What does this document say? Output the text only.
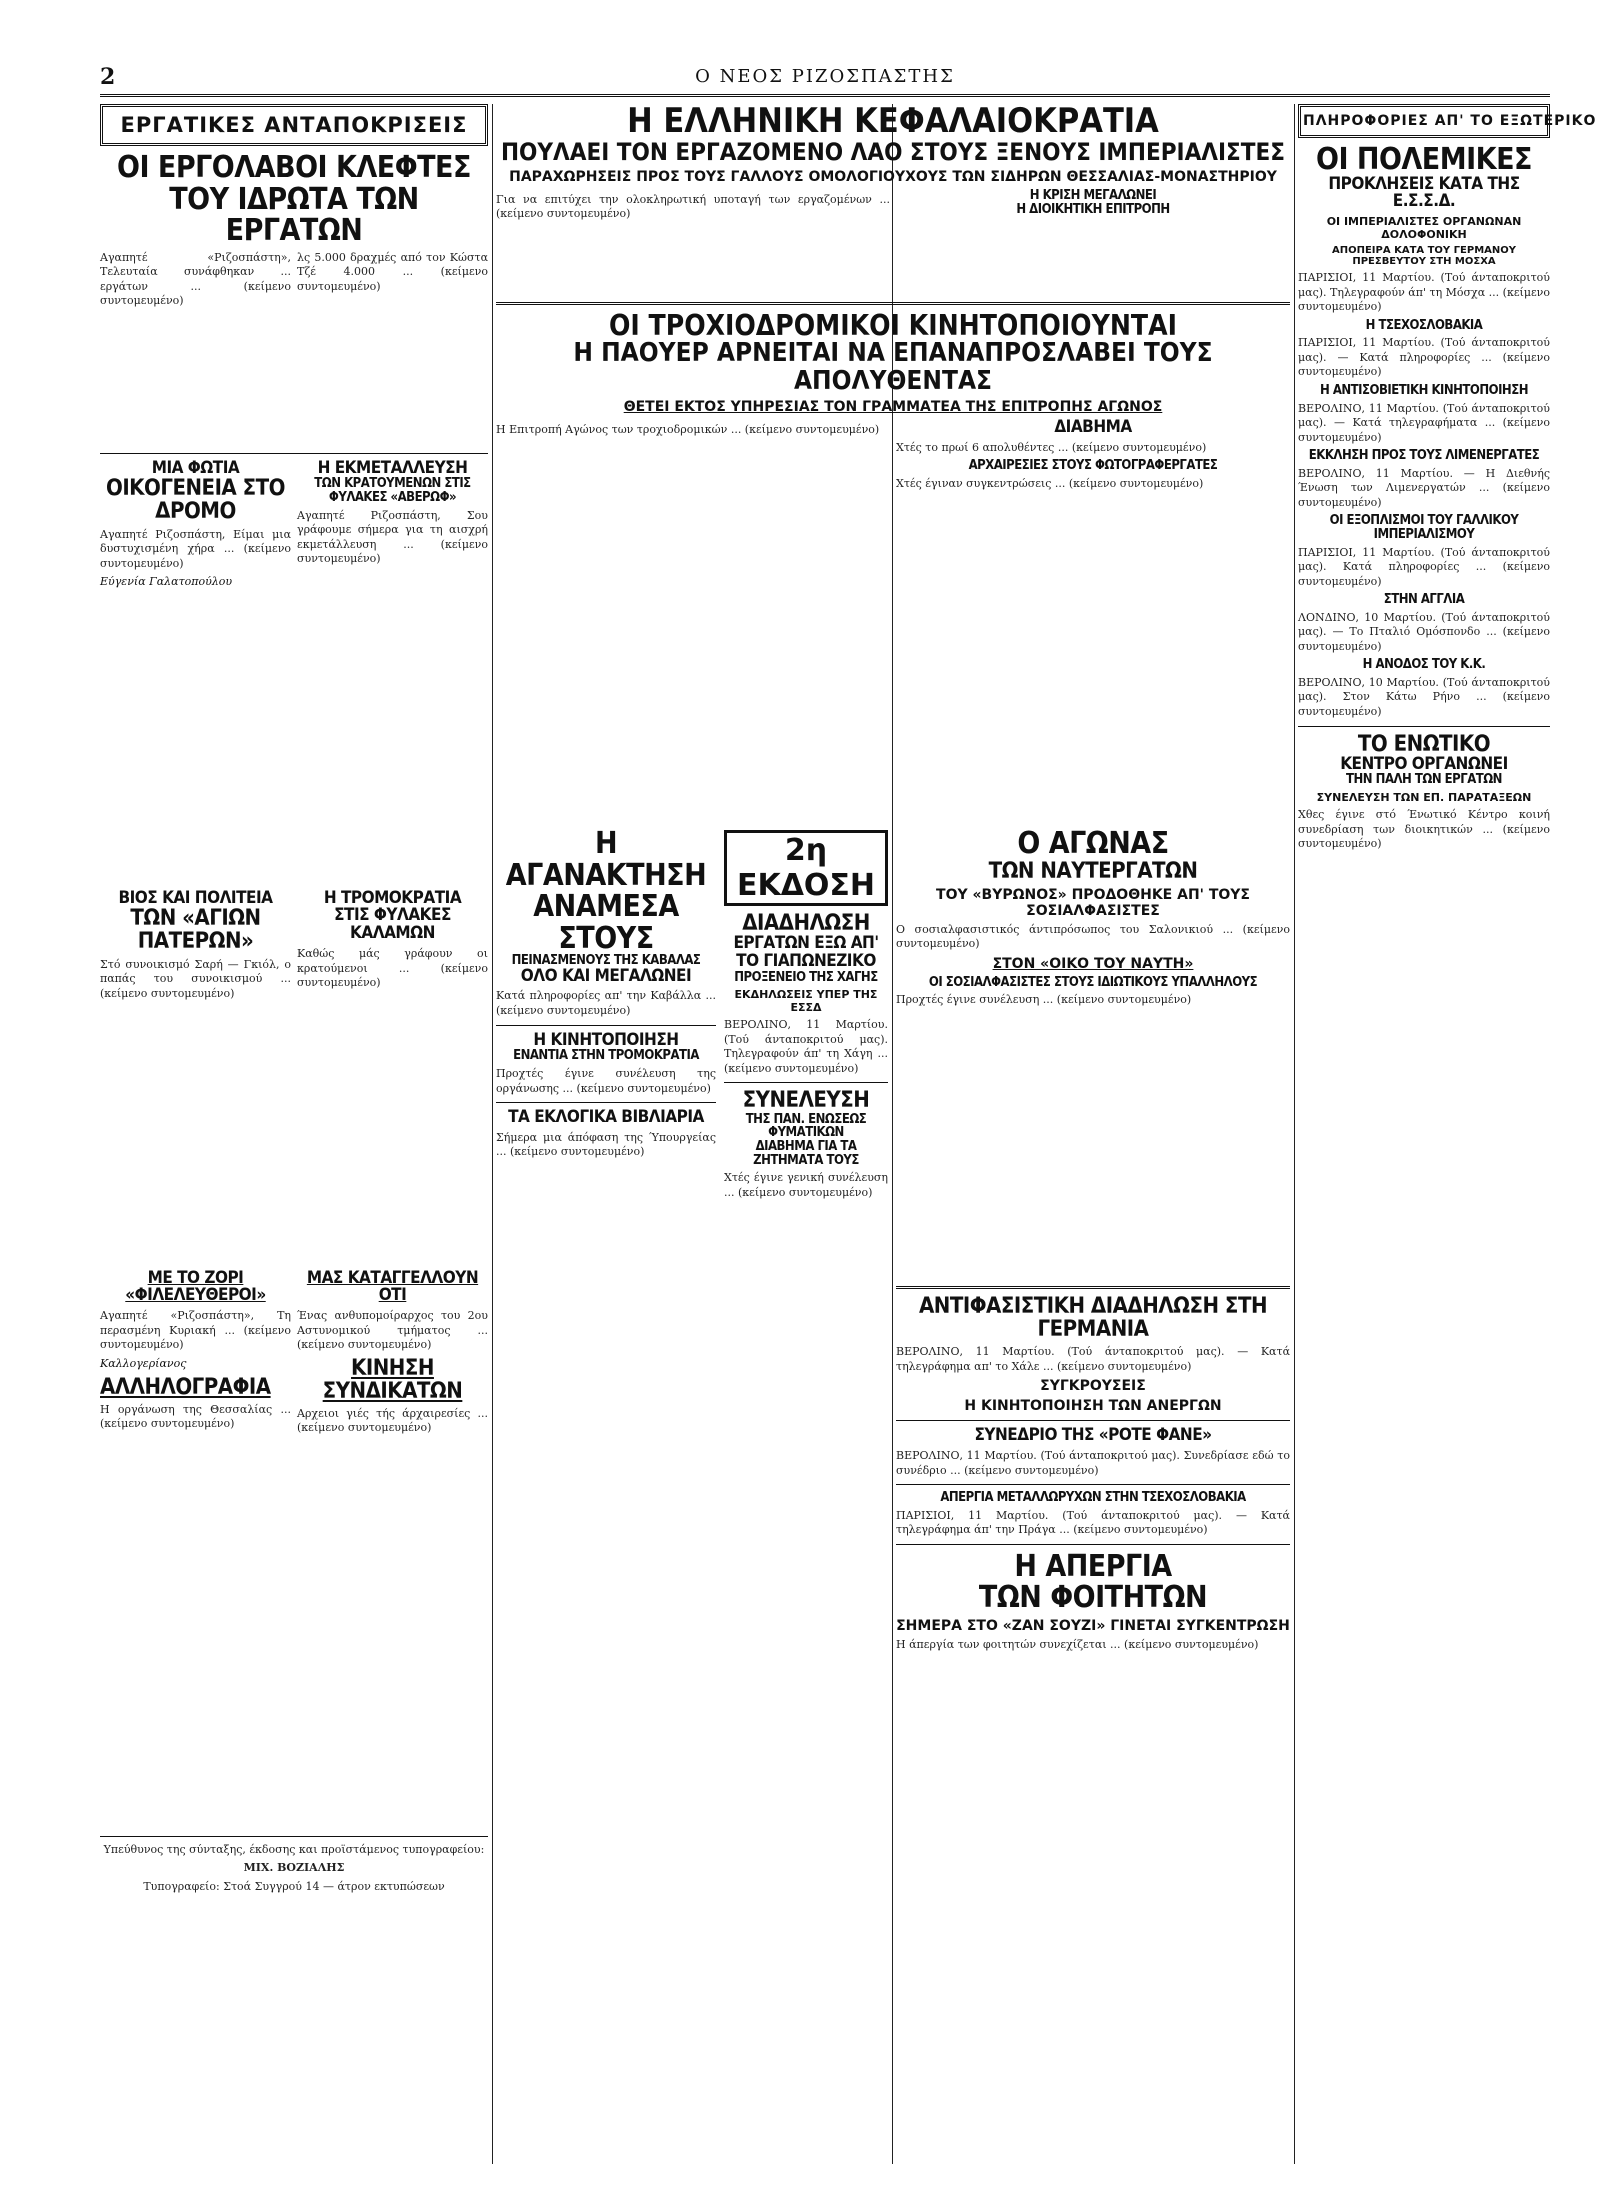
2	Ο ΝΕΟΣ ΡΙΖΟΣΠΑΣΤΗΣ
ΕΡΓΑΤΙΚΕΣ ΑΝΤΑΠΟΚΡΙΣΕΙΣ
ΟΙ ΕΡΓΟΛΑΒΟΙ ΚΛΕΦΤΕΣ
ΤΟΥ ΙΔΡΩΤΑ ΤΩΝ ΕΡΓΑΤΩΝ

Αγαπητέ «Ριζοσπάστη», Τελευταία συνάφθηκαν ... εργάτων ... (κείμενο συντομευμένο)

λς 5.000 δραχμές από τον Κώστα Τζέ 4.000 ... (κείμενο συντομευμένο)

ΜΙΑ ΦΩΤΙΑ
ΟΙΚΟΓΕΝΕΙΑ ΣΤΟ ΔΡΟΜΟ

Αγαπητέ Ριζοσπάστη, Είμαι μια δυστυχισμένη χήρα ... (κείμενο συντομευμένο)

Εύγενία Γαλατοπούλου

Η ΕΚΜΕΤΑΛΛΕΥΣΗ
ΤΩΝ ΚΡΑΤΟΥΜΕΝΩΝ ΣΤΙΣ ΦΥΛΑΚΕΣ «ΑΒΕΡΩΦ»

Αγαπητέ Ριζοσπάστη, Σου γράφουμε σήμερα για τη αισχρή εκμετάλλευση ... (κείμενο συντομευμένο)

ΒΙΟΣ ΚΑΙ ΠΟΛΙΤΕΙΑ
ΤΩΝ «ΑΓΙΩΝ ΠΑΤΕΡΩΝ»

Στό συνοικισμό Σαρή — Γκιόλ, ο παπάς του συνοικισμού ... (κείμενο συντομευμένο)

Η ΤΡΟΜΟΚΡΑΤΙΑ
ΣΤΙΣ ΦΥΛΑΚΕΣ ΚΑΛΑΜΩΝ

Καθώς μάς γράφουν οι κρατούμενοι ... (κείμενο συντομευμένο)

ΜΕ ΤΟ ΖΟΡΙ «ΦΙΛΕΛΕΥΘΕΡΟΙ»

Αγαπητέ «Ριζοσπάστη», Τη περασμένη Κυριακή ... (κείμενο συντομευμένο)

Καλλογερίανος

ΑΛΛΗΛΟΓΡΑΦΙΑ

Η οργάνωση της Θεσσαλίας ... (κείμενο συντομευμένο)

ΜΑΣ ΚΑΤΑΓΓΕΛΛΟΥΝ ΟΤΙ

Ένας ανθυπομοίραρχος του 2ου Αστυνομικού τμήματος ... (κείμενο συντομευμένο)

ΚΙΝΗΣΗ ΣΥΝΔΙΚΑΤΩΝ

Αρχειοι γιές τής άρχαιρεσίες ... (κείμενο συντομευμένο)

Υπεύθυνος της σύνταξης, έκδοσης και προϊστάμενος τυπογραφείου:

ΜΙΧ. ΒΟΖΙΑΛΗΣ

Τυπογραφείο: Στοά Συγγρού 14 — άτρον εκτυπώσεων

Η ΕΛΛΗΝΙΚΗ ΚΕΦΑΛΑΙΟΚΡΑΤΙΑ
ΠΟΥΛΑΕΙ ΤΟΝ ΕΡΓΑΖΟΜΕΝΟ ΛΑΟ ΣΤΟΥΣ ΞΕΝΟΥΣ ΙΜΠΕΡΙΑΛΙΣΤΕΣ
ΠΑΡΑΧΩΡΗΣΕΙΣ ΠΡΟΣ ΤΟΥΣ ΓΑΛΛΟΥΣ ΟΜΟΛΟΓΙΟΥΧΟΥΣ ΤΩΝ ΣΙΔΗΡΩΝ ΘΕΣΣΑΛΙΑΣ-ΜΟΝΑΣΤΗΡΙΟΥ

Για να επιτύχει την ολοκληρωτική υποταγή των εργαζομένων ... (κείμενο συντομευμένο)

Η ΚΡΙΣΗ ΜΕΓΑΛΩΝΕΙ
Η ΔΙΟΙΚΗΤΙΚΗ ΕΠΙΤΡΟΠΗ
ΟΙ ΤΡΟΧΙΟΔΡΟΜΙΚΟΙ ΚΙΝΗΤΟΠΟΙΟΥΝΤΑΙ
Η ΠΑΟΥΕΡ ΑΡΝΕΙΤΑΙ ΝΑ ΕΠΑΝΑΠΡΟΣΛΑΒΕΙ ΤΟΥΣ ΑΠΟΛΥΘΕΝΤΑΣ
ΘΕΤΕΙ ΕΚΤΟΣ ΥΠΗΡΕΣΙΑΣ ΤΟΝ ΓΡΑΜΜΑΤΕΑ ΤΗΣ ΕΠΙΤΡΟΠΗΣ ΑΓΩΝΟΣ

Η Επιτροπή Αγώνος των τροχιοδρομικών ... (κείμενο συντομευμένο)	ΔΙΑΒΗΜΑ

Χτές το πρωί 6 απολυθέντες ... (κείμενο συντομευμένο)

ΑΡΧΑΙΡΕΣΙΕΣ ΣΤΟΥΣ ΦΩΤΟΓΡΑΦΕΡΓΑΤΕΣ

Χτές έγιναν συγκεντρώσεις ... (κείμενο συντομευμένο)

Η ΑΓΑΝΑΚΤΗΣΗ
ΑΝΑΜΕΣΑ ΣΤΟΥΣ
ΠΕΙΝΑΣΜΕΝΟΥΣ ΤΗΣ ΚΑΒΑΛΑΣ
ΟΛΟ ΚΑΙ ΜΕΓΑΛΩΝΕΙ

Κατά πληροφορίες απ' την Καβάλλα ... (κείμενο συντομευμένο)

Η ΚΙΝΗΤΟΠΟΙΗΣΗ
ΕΝΑΝΤΙΑ ΣΤΗΝ ΤΡΟΜΟΚΡΑΤΙΑ

Προχτές έγινε συνέλευση της οργάνωσης ... (κείμενο συντομευμένο)

ΤΑ ΕΚΛΟΓΙΚΑ ΒΙΒΛΙΑΡΙΑ

Σήμερα μια άπόφαση της Ύπουργείας ... (κείμενο συντομευμένο)

2η ΕΚΔΟΣΗ
ΔΙΑΔΗΛΩΣΗ
ΕΡΓΑΤΩΝ ΕΞΩ ΑΠ'
ΤΟ ΓΙΑΠΩΝΕΖΙΚΟ
ΠΡΟΞΕΝΕΙΟ ΤΗΣ ΧΑΓΗΣ
ΕΚΔΗΛΩΣΕΙΣ ΥΠΕΡ ΤΗΣ ΕΣΣΔ

ΒΕΡΟΛΙΝΟ, 11 Μαρτίου. (Τού άνταποκριτού μας). Τηλεγραφούν άπ' τη Χάγη ... (κείμενο συντομευμένο)

ΣΥΝΕΛΕΥΣΗ
ΤΗΣ ΠΑΝ. ΕΝΩΣΕΩΣ ΦΥΜΑΤΙΚΩΝ
ΔΙΑΒΗΜΑ ΓΙΑ ΤΑ ΖΗΤΗΜΑΤΑ ΤΟΥΣ

Χτές έγινε γενική συνέλευση ... (κείμενο συντομευμένο)

Ο ΑΓΩΝΑΣ
ΤΩΝ ΝΑΥΤΕΡΓΑΤΩΝ
ΤΟΥ «ΒΥΡΩΝΟΣ» ΠΡΟΔΟΘΗΚΕ ΑΠ' ΤΟΥΣ ΣΟΣΙΑΛΦΑΣΙΣΤΕΣ

Ο σοσιαλφασιστικός άντιπρόσωπος του Σαλονικιού ... (κείμενο συντομευμένο)

ΣΤΟΝ «ΟΙΚΟ ΤΟΥ ΝΑΥΤΗ»
ΟΙ ΣΟΣΙΑΛΦΑΣΙΣΤΕΣ ΣΤΟΥΣ ΙΔΙΩΤΙΚΟΥΣ ΥΠΑΛΛΗΛΟΥΣ

Προχτές έγινε συνέλευση ... (κείμενο συντομευμένο)

ΠΛΗΡΟΦΟΡΙΕΣ ΑΠ' ΤΟ ΕΞΩΤΕΡΙΚΟ
ΟΙ ΠΟΛΕΜΙΚΕΣ
ΠΡΟΚΛΗΣΕΙΣ ΚΑΤΑ ΤΗΣ Ε.Σ.Σ.Δ.
ΟΙ ΙΜΠΕΡΙΑΛΙΣΤΕΣ ΟΡΓΑΝΩΝΑΝ ΔΟΛΟΦΟΝΙΚΗ
ΑΠΟΠΕΙΡΑ ΚΑΤΑ ΤΟΥ ΓΕΡΜΑΝΟΥ ΠΡΕΣΒΕΥΤΟΥ ΣΤΗ ΜΟΣΧΑ

ΠΑΡΙΣΙΟΙ, 11 Μαρτίου. (Τού άνταποκριτού μας). Τηλεγραφούν άπ' τη Μόσχα ... (κείμενο συντομευμένο)

Η ΤΣΕΧΟΣΛΟΒΑΚΙΑ

ΠΑΡΙΣΙΟΙ, 11 Μαρτίου. (Τού άνταποκριτού μας). — Κατά πληροφορίες ... (κείμενο συντομευμένο)

Η ΑΝΤΙΣΟΒΙΕΤΙΚΗ ΚΙΝΗΤΟΠΟΙΗΣΗ

ΒΕΡΟΛΙΝΟ, 11 Μαρτίου. (Τού άνταποκριτού μας). — Κατά τηλεγραφήματα ... (κείμενο συντομευμένο)

ΕΚΚΛΗΣΗ ΠΡΟΣ ΤΟΥΣ ΛΙΜΕΝΕΡΓΑΤΕΣ

ΒΕΡΟΛΙΝΟ, 11 Μαρτίου. — Η Διεθνής Ένωση των Λιμενεργατών ... (κείμενο συντομευμένο)

ΟΙ ΕΞΟΠΛΙΣΜΟΙ ΤΟΥ ΓΑΛΛΙΚΟΥ ΙΜΠΕΡΙΑΛΙΣΜΟΥ

ΠΑΡΙΣΙΟΙ, 11 Μαρτίου. (Τού άνταποκριτού μας). Κατά πληροφορίες ... (κείμενο συντομευμένο)

ΣΤΗΝ ΑΓΓΛΙΑ

ΛΟΝΔΙΝΟ, 10 Μαρτίου. (Τού άνταποκριτού μας). — Το Πταλιό Ομόσπονδο ... (κείμενο συντομευμένο)

Η ΑΝΟΔΟΣ ΤΟΥ Κ.Κ.

ΒΕΡΟΛΙΝΟ, 10 Μαρτίου. (Τού άνταποκριτού μας). Στον Κάτω Ρήνο ... (κείμενο συντομευμένο)

ΤΟ ΕΝΩΤΙΚΟ
ΚΕΝΤΡΟ ΟΡΓΑΝΩΝΕΙ
ΤΗΝ ΠΑΛΗ ΤΩΝ ΕΡΓΑΤΩΝ
ΣΥΝΕΛΕΥΣΗ ΤΩΝ ΕΠ. ΠΑΡΑΤΑΞΕΩΝ

Χθες έγινε στό Ένωτικό Κέντρο κοινή συνεδρίαση των διοικητικών ... (κείμενο συντομευμένο)

ΑΝΤΙΦΑΣΙΣΤΙΚΗ ΔΙΑΔΗΛΩΣΗ ΣΤΗ ΓΕΡΜΑΝΙΑ

ΒΕΡΟΛΙΝΟ, 11 Μαρτίου. (Τού άνταποκριτού μας). — Κατά τηλεγράφημα απ' το Χάλε ... (κείμενο συντομευμένο)

ΣΥΓΚΡΟΥΣΕΙΣ
Η ΚΙΝΗΤΟΠΟΙΗΣΗ ΤΩΝ ΑΝΕΡΓΩΝ
ΣΥΝΕΔΡΙΟ ΤΗΣ «ΡΟΤΕ ΦΑΝΕ»

ΒΕΡΟΛΙΝΟ, 11 Μαρτίου. (Τού άνταποκριτού μας). Συνεδρίασε εδώ το συνέδριο ... (κείμενο συντομευμένο)

ΑΠΕΡΓΙΑ ΜΕΤΑΛΛΩΡΥΧΩΝ ΣΤΗΝ ΤΣΕΧΟΣΛΟΒΑΚΙΑ

ΠΑΡΙΣΙΟΙ, 11 Μαρτίου. (Τού άνταποκριτού μας). — Κατά τηλεγράφημα άπ' την Πράγα ... (κείμενο συντομευμένο)

Η ΑΠΕΡΓΙΑ
ΤΩΝ ΦΟΙΤΗΤΩΝ
ΣΗΜΕΡΑ ΣΤΟ «ΖΑΝ ΣΟΥΖΙ» ΓΙΝΕΤΑΙ ΣΥΓΚΕΝΤΡΩΣΗ

Η άπεργία των φοιτητών συνεχίζεται ... (κείμενο συντομευμένο)
